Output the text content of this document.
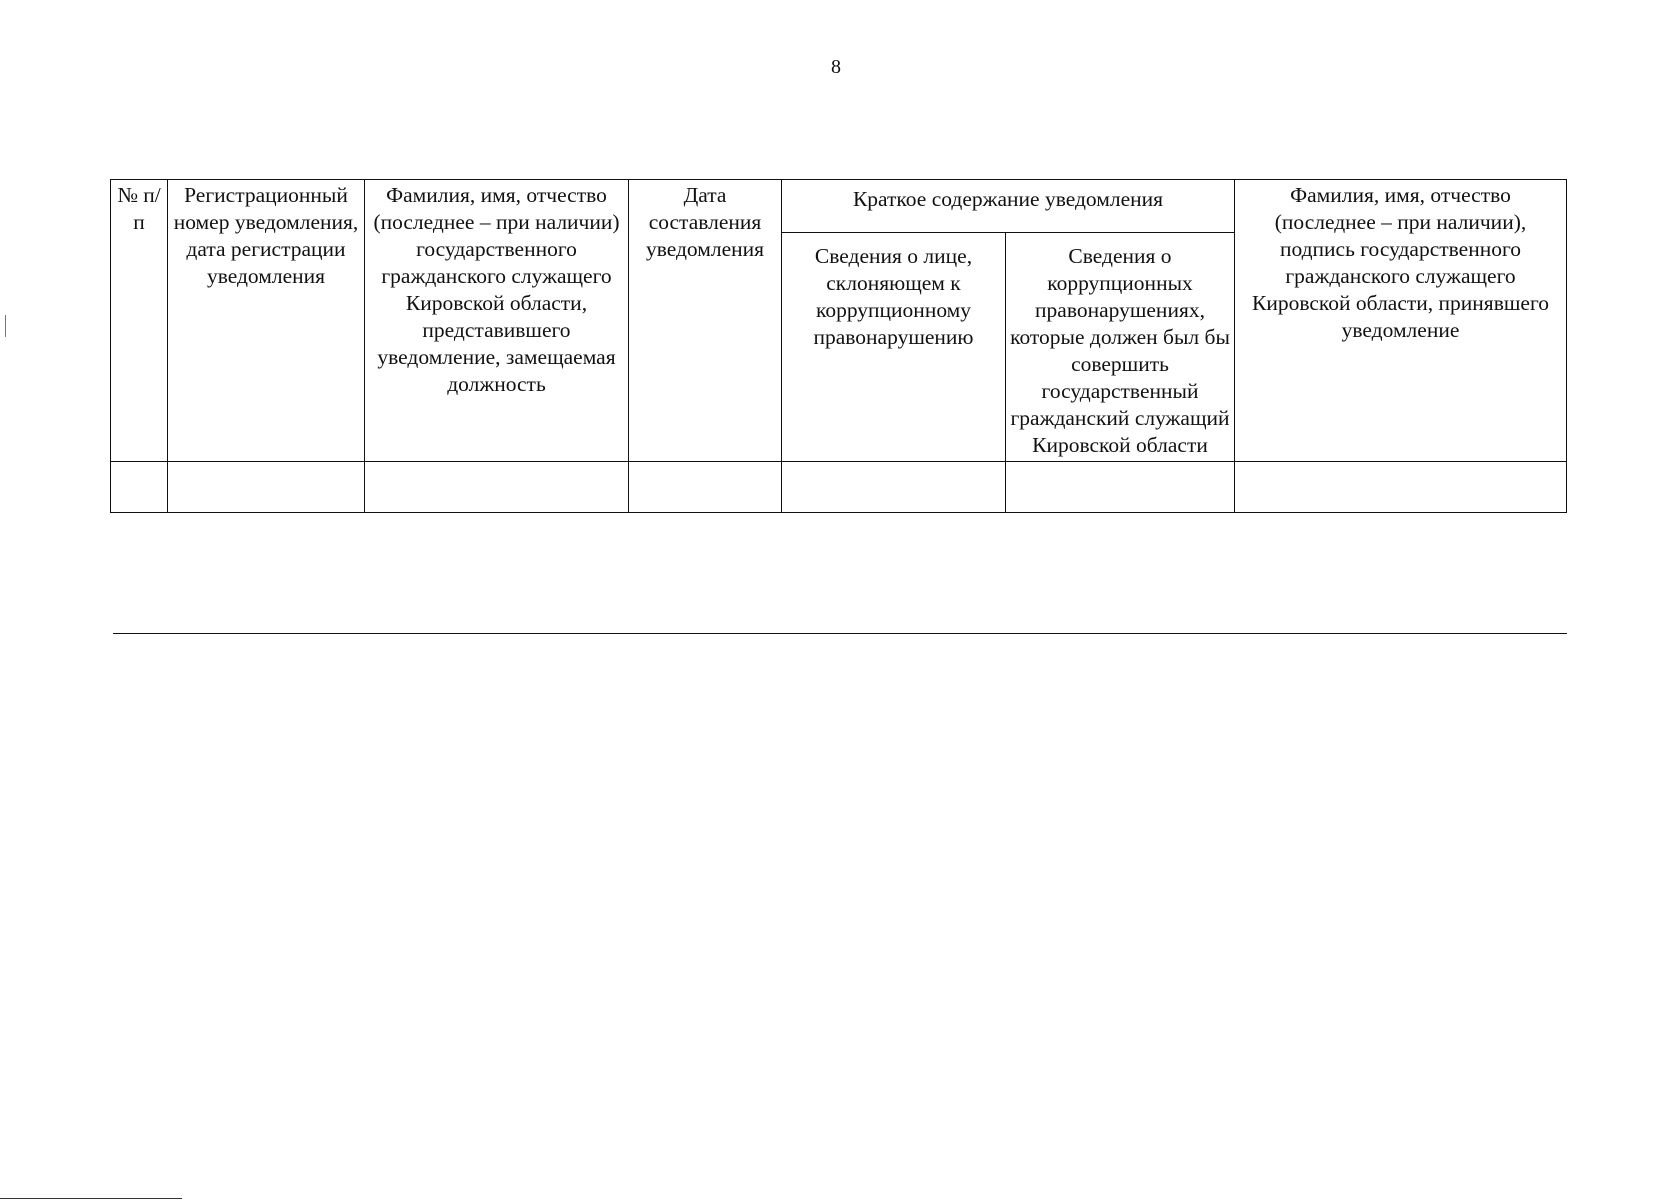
8
№ п/п	Регистрационный номер уведомления, дата регистрации уведомления	Фамилия, имя, отчество (последнее – при наличии) государственного гражданского служащего Кировской области, представившего уведомление, замещаемая должность	Дата составления уведомления	Краткое содержание уведомления		Фамилия, имя, отчество (последнее – при наличии), подпись государственного гражданского служащего Кировской области, принявшего уведомление
				Сведения о лице, склоняющем к коррупционному правонарушению	Сведения о коррупционных правонарушениях, которые должен был бы совершить государственный гражданский служащий Кировской области	
